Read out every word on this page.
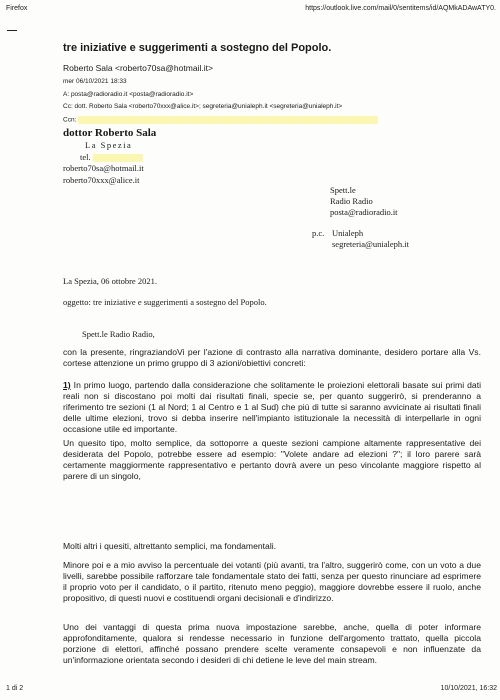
Firefox	https://outlook.live.com/mail/0/sentitems/id/AQMkADAwATY0.
tre iniziative e suggerimenti a sostegno del Popolo.
Roberto Sala <roberto70sa@hotmail.it>
mer 06/10/2021 18:33
A: posta@radioradio.it <posta@radioradio.it>
Cc: dott. Roberto Sala <roberto70xxx@alice.it>; segreteria@unialeph.it <segreteria@unialeph.it>
Ccn:
dottor Roberto Sala
La Spezia
tel.
roberto70sa@hotmail.it
roberto70xxx@alice.it
Spett.le
Radio Radio
posta@radioradio.it
p.c. Unialeph
segreteria@unialeph.it
La Spezia, 06 ottobre 2021.
oggetto: tre iniziative e suggerimenti a sostegno del Popolo.
Spett.le Radio Radio,

con la presente, ringraziandoVi per l'azione di contrasto alla narrativa dominante, desidero portare alla Vs. cortese attenzione un primo gruppo di 3 azioni/obiettivi concreti:

1) In primo luogo, partendo dalla considerazione che solitamente le proiezioni elettorali basate sui primi dati reali non si discostano poi molti dai risultati finali, specie se, per quanto suggerirò, si prenderanno a riferimento tre sezioni (1 al Nord; 1 al Centro e 1 al Sud) che più di tutte si saranno avvicinate ai risultati finali delle ultime elezioni, trovo si debba inserire nell'impianto istituzionale la necessità di interpellarle in ogni occasione utile ed importante.

Un quesito tipo, molto semplice, da sottoporre a queste sezioni campione altamente rappresentative dei desiderata del Popolo, potrebbe essere ad esempio: "Volete andare ad elezioni ?"; il loro parere sarà certamente maggiormente rappresentativo e pertanto dovrà avere un peso vincolante maggiore rispetto al parere di un singolo,

Molti altri i quesiti, altrettanto semplici, ma fondamentali.

Minore poi e a mio avviso la percentuale dei votanti (più avanti, tra l'altro, suggerirò come, con un voto a due livelli, sarebbe possibile rafforzare tale fondamentale stato dei fatti, senza per questo rinunciare ad esprimere il proprio voto per il candidato, o il partito, ritenuto meno peggio), maggiore dovrebbe essere il ruolo, anche propositivo, di questi nuovi e costituendi organi decisionali e d'indirizzo.

Uno dei vantaggi di questa prima nuova impostazione sarebbe, anche, quella di poter informare approfonditamente, qualora si rendesse necessario in funzione dell'argomento trattato, quella piccola porzione di elettori, affinché possano prendere scelte veramente consapevoli e non influenzate da un'informazione orientata secondo i desideri di chi detiene le leve del main stream.

1 di 2	10/10/2021, 16:32
